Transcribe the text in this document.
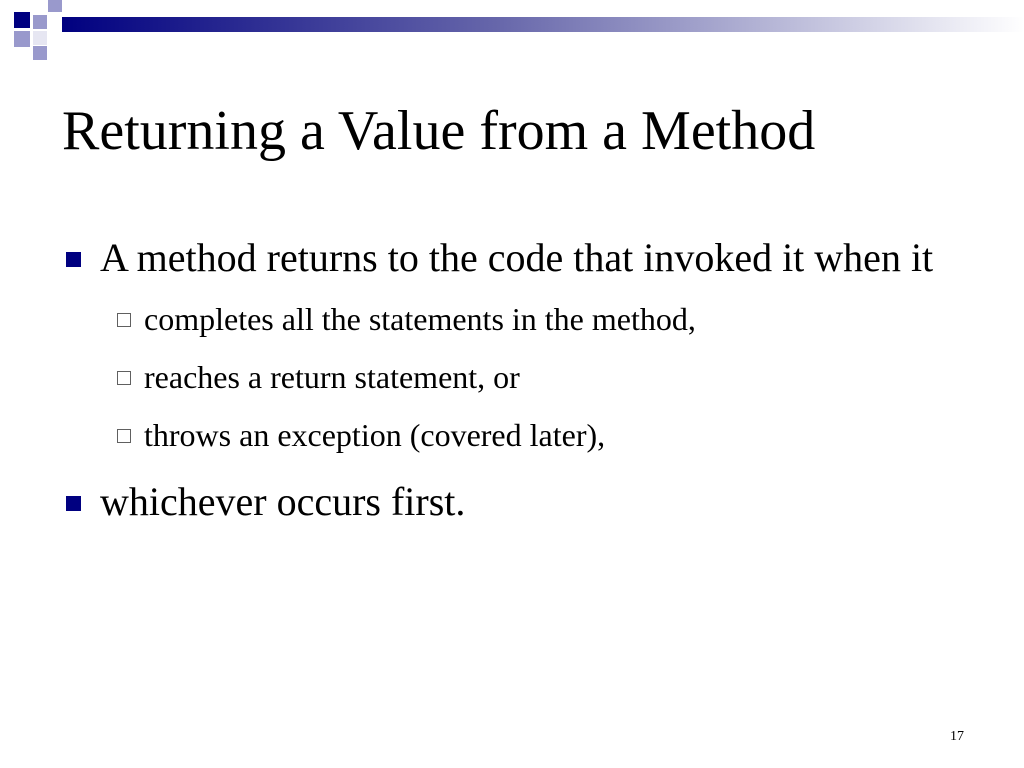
Returning a Value from a Method
A method returns to the code that invoked it when it
completes all the statements in the method,
reaches a return statement, or
throws an exception (covered later),
whichever occurs first.
17
